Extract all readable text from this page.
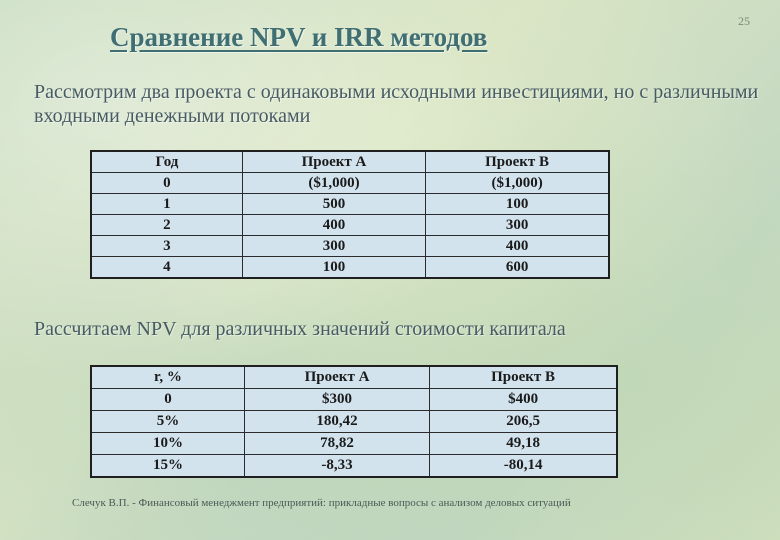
Сравнение NPV и IRR методов
25
Рассмотрим два проекта с одинаковыми исходными инвестициями, но с различными входными денежными потоками
Год	Проект А	Проект В
0	($1,000)	($1,000)
1	500	100
2	400	300
3	300	400
4	100	600
Рассчитаем NPV для различных значений стоимости капитала
r, %	Проект А	Проект В
0	$300	$400
5%	180,42	206,5
10%	78,82	49,18
15%	-8,33	-80,14
Слечук В.П. - Финансовый менеджмент предприятий: прикладные вопросы с анализом деловых ситуаций
